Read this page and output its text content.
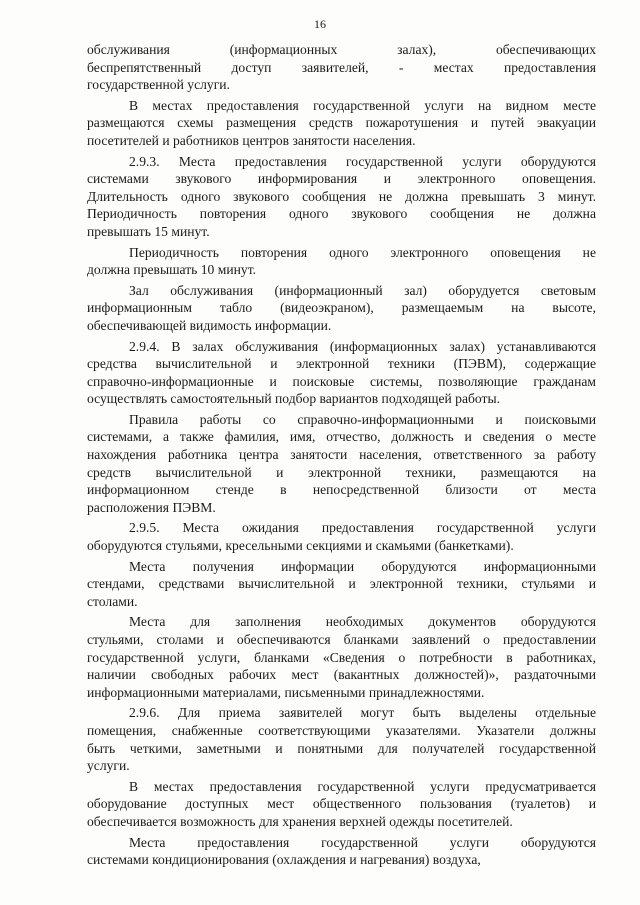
16
обслуживания (информационных залах), обеспечивающих
беспрепятственный доступ заявителей, - местах предоставления
государственной услуги.
В местах предоставления государственной услуги на видном месте
размещаются схемы размещения средств пожаротушения и путей эвакуации
посетителей и работников центров занятости населения.
2.9.3. Места предоставления государственной услуги оборудуются
системами звукового информирования и электронного оповещения.
Длительность одного звукового сообщения не должна превышать 3 минут.
Периодичность повторения одного звукового сообщения не должна
превышать 15 минут.
Периодичность повторения одного электронного оповещения не
должна превышать 10 минут.
Зал обслуживания (информационный зал) оборудуется световым
информационным табло (видеоэкраном), размещаемым на высоте,
обеспечивающей видимость информации.
2.9.4. В залах обслуживания (информационных залах) устанавливаются
средства вычислительной и электронной техники (ПЭВМ), содержащие
справочно-информационные и поисковые системы, позволяющие гражданам
осуществлять самостоятельный подбор вариантов подходящей работы.
Правила работы со справочно-информационными и поисковыми
системами, а также фамилия, имя, отчество, должность и сведения о месте
нахождения работника центра занятости населения, ответственного за работу
средств вычислительной и электронной техники, размещаются на
информационном стенде в непосредственной близости от места
расположения ПЭВМ.
2.9.5. Места ожидания предоставления государственной услуги
оборудуются стульями, кресельными секциями и скамьями (банкетками).
Места получения информации оборудуются информационными
стендами, средствами вычислительной и электронной техники, стульями и
столами.
Места для заполнения необходимых документов оборудуются
стульями, столами и обеспечиваются бланками заявлений о предоставлении
государственной услуги, бланками «Сведения о потребности в работниках,
наличии свободных рабочих мест (вакантных должностей)», раздаточными
информационными материалами, письменными принадлежностями.
2.9.6. Для приема заявителей могут быть выделены отдельные
помещения, снабженные соответствующими указателями. Указатели должны
быть четкими, заметными и понятными для получателей государственной
услуги.
В местах предоставления государственной услуги предусматривается
оборудование доступных мест общественного пользования (туалетов) и
обеспечивается возможность для хранения верхней одежды посетителей.
Места предоставления государственной услуги оборудуются
системами кондиционирования (охлаждения и нагревания) воздуха,
